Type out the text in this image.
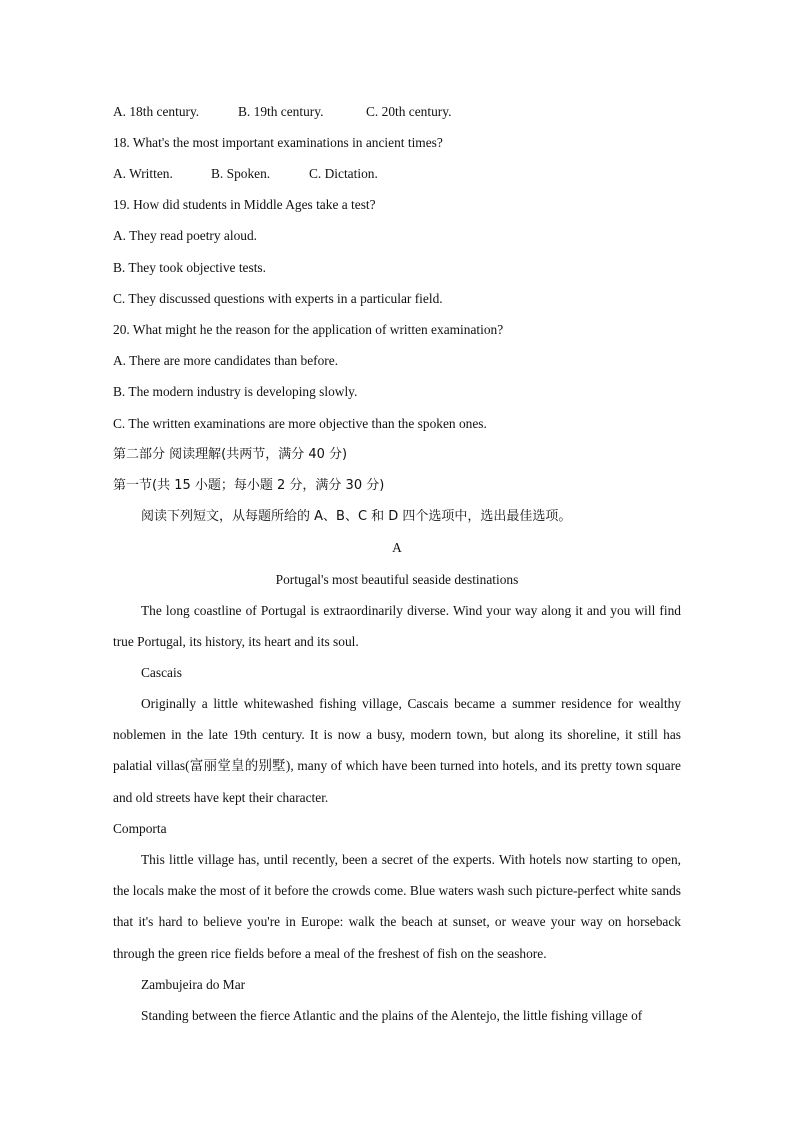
A. 18th century.	B. 19th century.	C. 20th century.
18. What's the most important examinations in ancient times?
A. Written.	B. Spoken.	C. Dictation.
19. How did students in Middle Ages take a test?
A. They read poetry aloud.
B. They took objective tests.
C. They discussed questions with experts in a particular field.
20. What might he the reason for the application of written examination?
A. There are more candidates than before.
B. The modern industry is developing slowly.
C. The written examinations are more objective than the spoken ones.
第二部分 阅读理解(共两节，满分 40 分)
第一节(共 15 小题；每小题 2 分，满分 30 分)
阅读下列短文，从每题所给的 A、B、C 和 D 四个选项中，选出最佳选项。
A
Portugal's most beautiful seaside destinations

The long coastline of Portugal is extraordinarily diverse. Wind your way along it and you will find true Portugal, its history, its heart and its soul.

Cascais

Originally a little whitewashed fishing village, Cascais became a summer residence for wealthy noblemen in the late 19th century. It is now a busy, modern town, but along its shoreline, it still has palatial villas(富丽堂皇的别墅), many of which have been turned into hotels, and its pretty town square and old streets have kept their character.

Comporta

This little village has, until recently, been a secret of the experts. With hotels now starting to open, the locals make the most of it before the crowds come. Blue waters wash such picture-perfect white sands that it's hard to believe you're in Europe: walk the beach at sunset, or weave your way on horseback through the green rice fields before a meal of the freshest of fish on the seashore.

Zambujeira do Mar

Standing between the fierce Atlantic and the plains of the Alentejo, the little fishing village of
